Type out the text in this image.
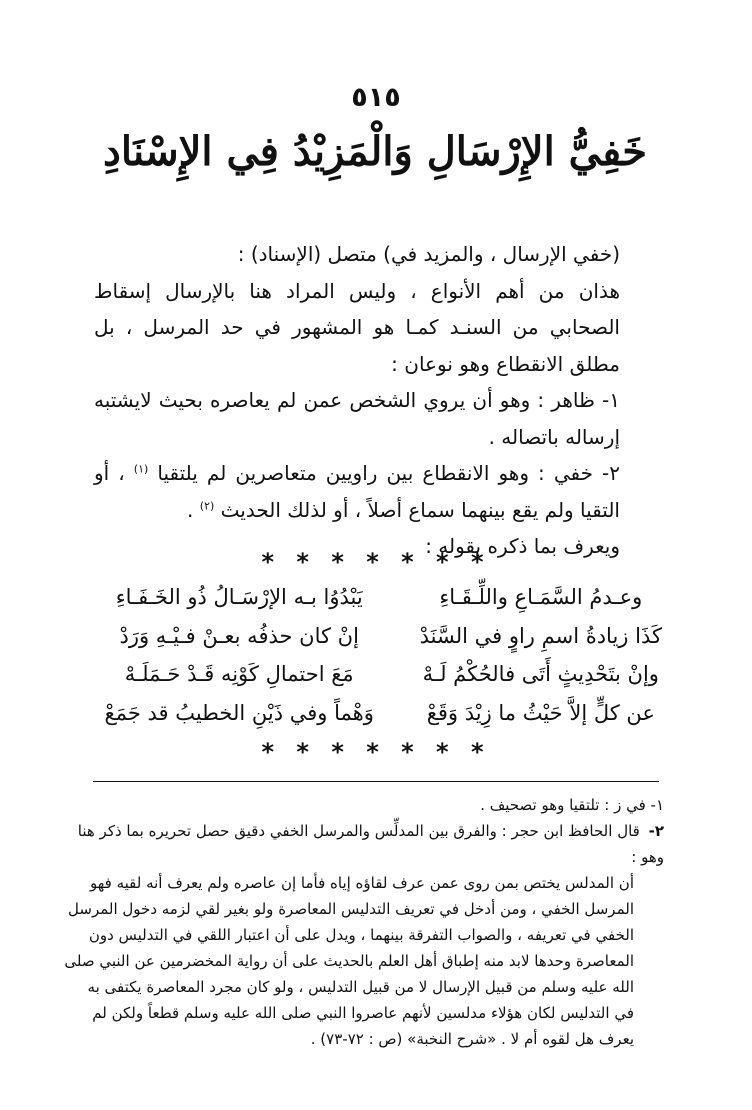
٥١٥
خَفِيُّ الإِرْسَالِ وَالْمَزِيْدُ فِي الإِسْنَادِ

(خفي الإرسال ، والمزيد في) متصل (الإسناد) :

هذان من أهم الأنواع ، وليس المراد هنا بالإرسال إسقاط الصحابي من السنـد كمـا هو المشهور في حد المرسل ، بل مطلق الانقطاع وهو نوعان :

١- ظاهر : وهو أن يروي الشخص عمن لم يعاصره بحيث لايشتبه إرساله باتصاله .

٢- خفي : وهو الانقطاع بين راويين متعاصرين لم يلتقيا $^{(١)}$ ، أو التقيا ولم يقع بينهما سماع أصلاً ، أو لذلك الحديث $^{(٢)}$ .

ويعرف بما ذكره بقوله :

* * * * * * *
وعـدمُ السَّمَـاعِ واللِّـقَـاءِ
يَبْدُوُا بـه الإرْسَـالُ ذُو الخَـفَـاءِ
كَذَا زيادةُ اسمِ راوٍ في السَّنَدْ
إنْ كان حذفُه بعـنْ فـيْـهِ وَرَدْ
وإنْ بتَحْدِيثٍ أَتَى فالحُكْمُ لَـهْ
مَعَ احتمالِ كَوْنِه قَـدْ حَـمَلَـهْ
عن كلٍّ إلاَّ حَيْثُ ما زِيْدَ وَقَعْ
وَهْماً وفي ذَيْنِ الخطيبُ قد جَمَعْ
* * * * * * *

١- في ز : تلتقيا وهو تصحيف .

٢- قال الحافظ ابن حجر : والفرق بين المدلِّس والمرسل الخفي دقيق حصل تحريره بما ذكر هنا وهو :

أن المدلس يختص بمن روى عمن عرف لقاؤه إياه فأما إن عاصره ولم يعرف أنه لقيه فهو المرسل الخفي ، ومن أدخل في تعريف التدليس المعاصرة ولو بغير لقي لزمه دخول المرسل الخفي في تعريفه ، والصواب التفرقة بينهما ، ويدل على أن اعتبار اللقي في التدليس دون المعاصرة وحدها لابد منه إطباق أهل العلم بالحديث على أن رواية المخضرمين عن النبي صلى الله عليه وسلم من قبيل الإرسال لا من قبيل التدليس ، ولو كان مجرد المعاصرة يكتفى به في التدليس لكان هؤلاء مدلسين لأنهم عاصروا النبي صلى الله عليه وسلم قطعاً ولكن لم يعرف هل لقوه أم لا . «شرح النخبة» (ص : ٧٢-٧٣) .
